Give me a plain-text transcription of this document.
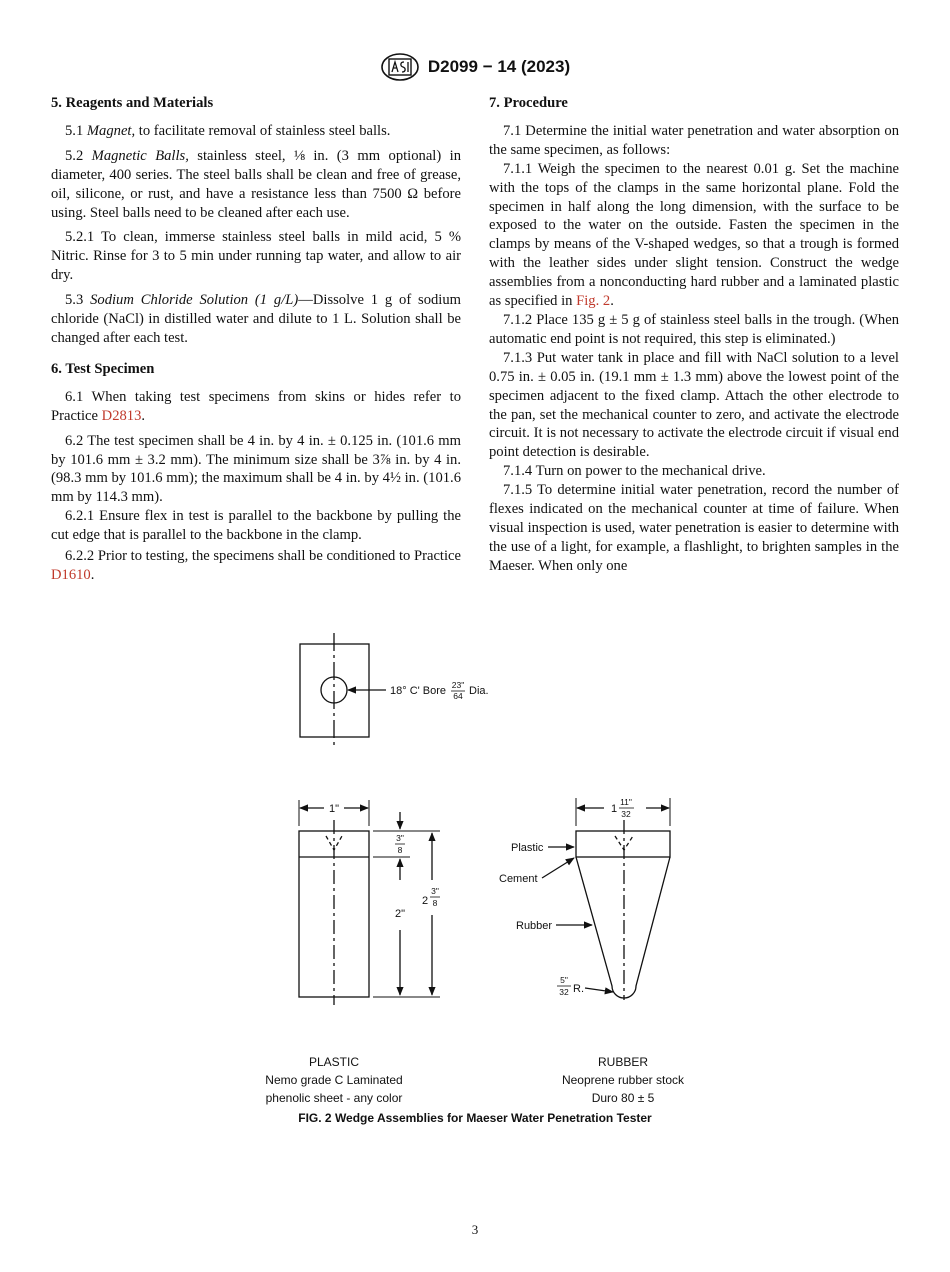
D2099 − 14 (2023)
5. Reagents and Materials

5.1 Magnet, to facilitate removal of stainless steel balls.

5.2 Magnetic Balls, stainless steel, ⅛ in. (3 mm optional) in diameter, 400 series. The steel balls shall be clean and free of grease, oil, silicone, or rust, and have a resistance less than 7500 Ω before using. Steel balls need to be cleaned after each use.

5.2.1 To clean, immerse stainless steel balls in mild acid, 5 % Nitric. Rinse for 3 to 5 min under running tap water, and allow to air dry.

5.3 Sodium Chloride Solution (1 g/L)—Dissolve 1 g of sodium chloride (NaCl) in distilled water and dilute to 1 L. Solution shall be changed after each test.

6. Test Specimen

6.1 When taking test specimens from skins or hides refer to Practice D2813.

6.2 The test specimen shall be 4 in. by 4 in. ± 0.125 in. (101.6 mm by 101.6 mm ± 3.2 mm). The minimum size shall be 3⅞ in. by 4 in. (98.3 mm by 101.6 mm); the maximum shall be 4 in. by 4½ in. (101.6 mm by 114.3 mm).

6.2.1 Ensure flex in test is parallel to the backbone by pulling the cut edge that is parallel to the backbone in the clamp.

6.2.2 Prior to testing, the specimens shall be conditioned to Practice D1610.

7. Procedure

7.1 Determine the initial water penetration and water absorption on the same specimen, as follows:

7.1.1 Weigh the specimen to the nearest 0.01 g. Set the machine with the tops of the clamps in the same horizontal plane. Fold the specimen in half along the long dimension, with the surface to be exposed to the water on the outside. Fasten the specimen in the clamps by means of the V-shaped wedges, so that a trough is formed with the leather sides under slight tension. Construct the wedge assemblies from a nonconducting hard rubber and a laminated plastic as specified in Fig. 2.

7.1.2 Place 135 g ± 5 g of stainless steel balls in the trough. (When automatic end point is not required, this step is eliminated.)

7.1.3 Put water tank in place and fill with NaCl solution to a level 0.75 in. ± 0.05 in. (19.1 mm ± 1.3 mm) above the lowest point of the specimen adjacent to the fixed clamp. Attach the other electrode to the pan, set the mechanical counter to zero, and activate the electrode circuit. It is not necessary to activate the electrode circuit if visual end point detection is desirable.

7.1.4 Turn on power to the mechanical drive.

7.1.5 To determine initial water penetration, record the number of flexes indicated on the mechanical counter at time of failure. When visual inspection is used, water penetration is easier to determine with the use of a light, for example, a flashlight, to brighten samples in the Maeser. When only one

18° C' Bore 23"
64 Dia.
1"
3"
8
2"
2
3"
8
1
11"
32
Plastic
Cement
Rubber
5"
32 R.
PLASTIC
Nemo grade C Laminated
phenolic sheet - any color
RUBBER
Neoprene rubber stock
Duro 80 ± 5
FIG. 2 Wedge Assemblies for Maeser Water Penetration Tester
3
